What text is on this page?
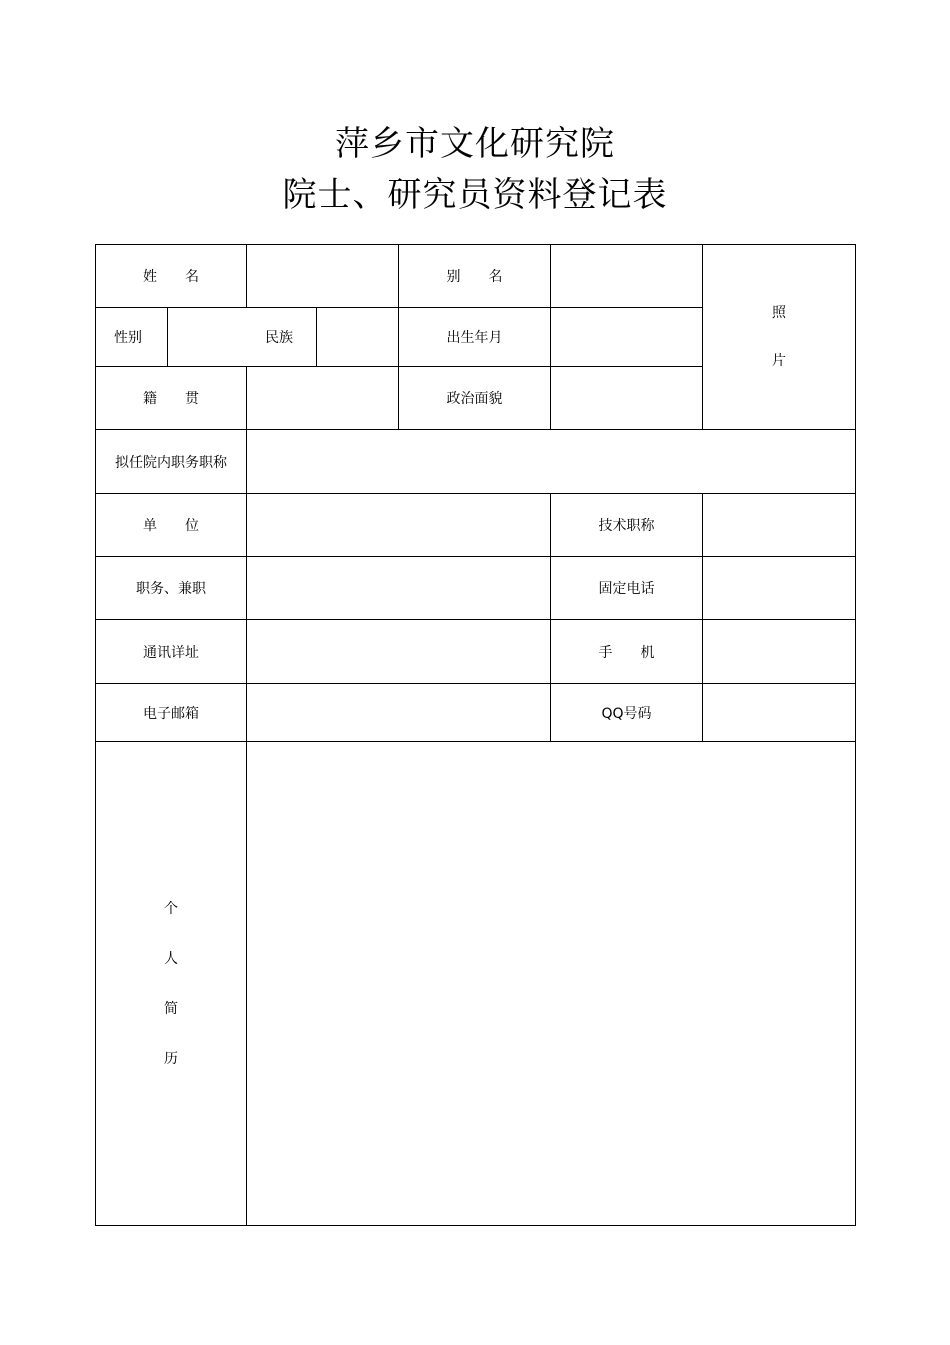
萍乡市文化研究院
院士、研究员资料登记表
姓 名	别 名
照
片
性别	民族	出生年月
籍 贯	政治面貌
拟任院内职务职称
单 位	技术职称
职务、兼职	固定电话
通讯详址	手 机
电子邮箱	QQ号码
个
人
简
历
